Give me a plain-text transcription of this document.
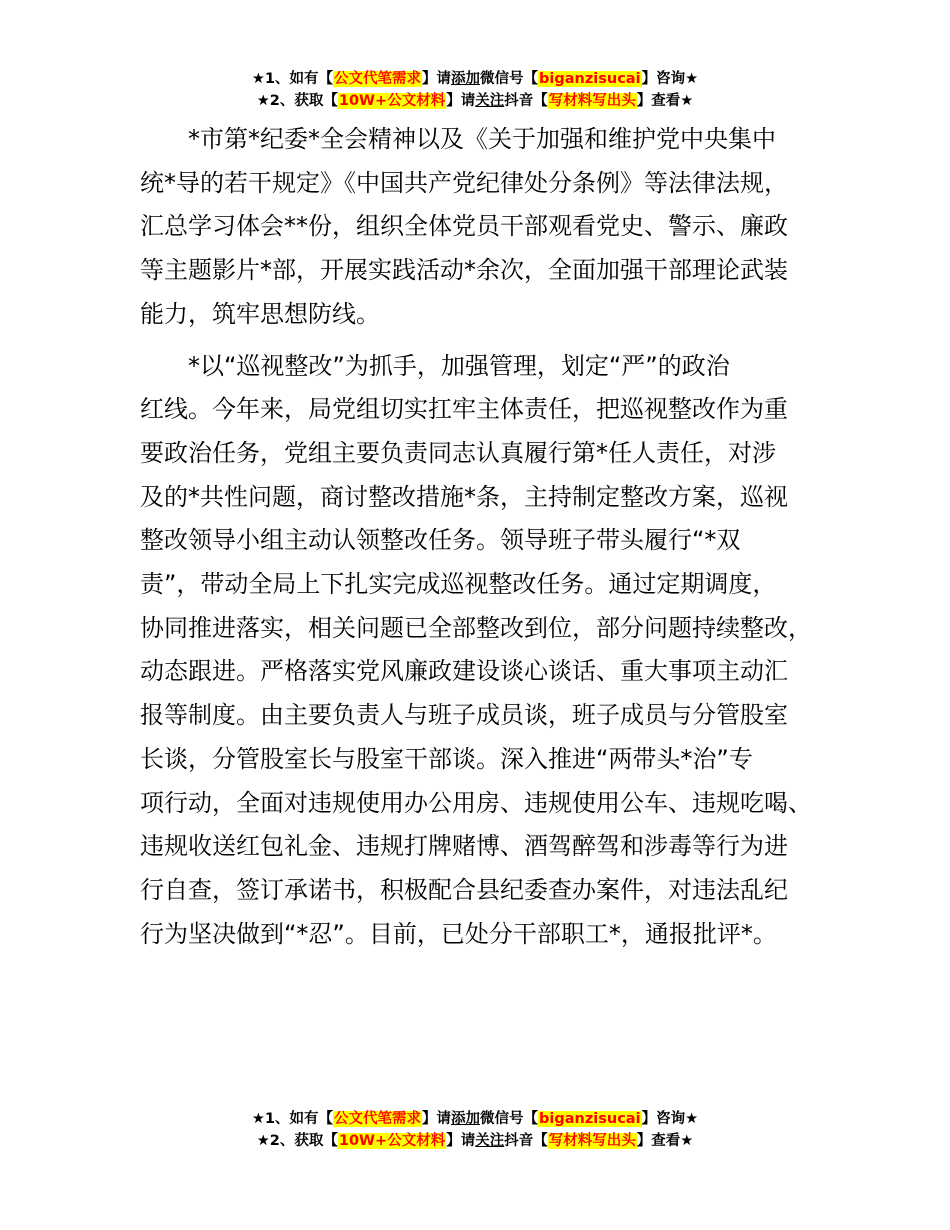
★1、如有【公文代笔需求】请添加微信号【biganzisucai】咨询★
★2、获取【10W+公文材料】请关注抖音【写材料写出头】查看★

　　*市第*纪委*全会精神以及《关于加强和维护党中央集中
统*导的若干规定》《中国共产党纪律处分条例》等法律法规，
汇总学习体会**份，组织全体党员干部观看党史、警示、廉政
等主题影片*部，开展实践活动*余次，全面加强干部理论武装
能力，筑牢思想防线。

　　*以“巡视整改”为抓手，加强管理，划定“严”的政治
红线。今年来，局党组切实扛牢主体责任，把巡视整改作为重
要政治任务，党组主要负责同志认真履行第*任人责任，对涉
及的*共性问题，商讨整改措施*条，主持制定整改方案，巡视
整改领导小组主动认领整改任务。领导班子带头履行“*双
责”，带动全局上下扎实完成巡视整改任务。通过定期调度，
协同推进落实，相关问题已全部整改到位，部分问题持续整改，
动态跟进。严格落实党风廉政建设谈心谈话、重大事项主动汇
报等制度。由主要负责人与班子成员谈，班子成员与分管股室
长谈，分管股室长与股室干部谈。深入推进“两带头*治”专
项行动，全面对违规使用办公用房、违规使用公车、违规吃喝、
违规收送红包礼金、违规打牌赌博、酒驾醉驾和涉毒等行为进
行自查，签订承诺书，积极配合县纪委查办案件，对违法乱纪
行为坚决做到“*忍”。目前，已处分干部职工*，通报批评*。

★1、如有【公文代笔需求】请添加微信号【biganzisucai】咨询★
★2、获取【10W+公文材料】请关注抖音【写材料写出头】查看★
